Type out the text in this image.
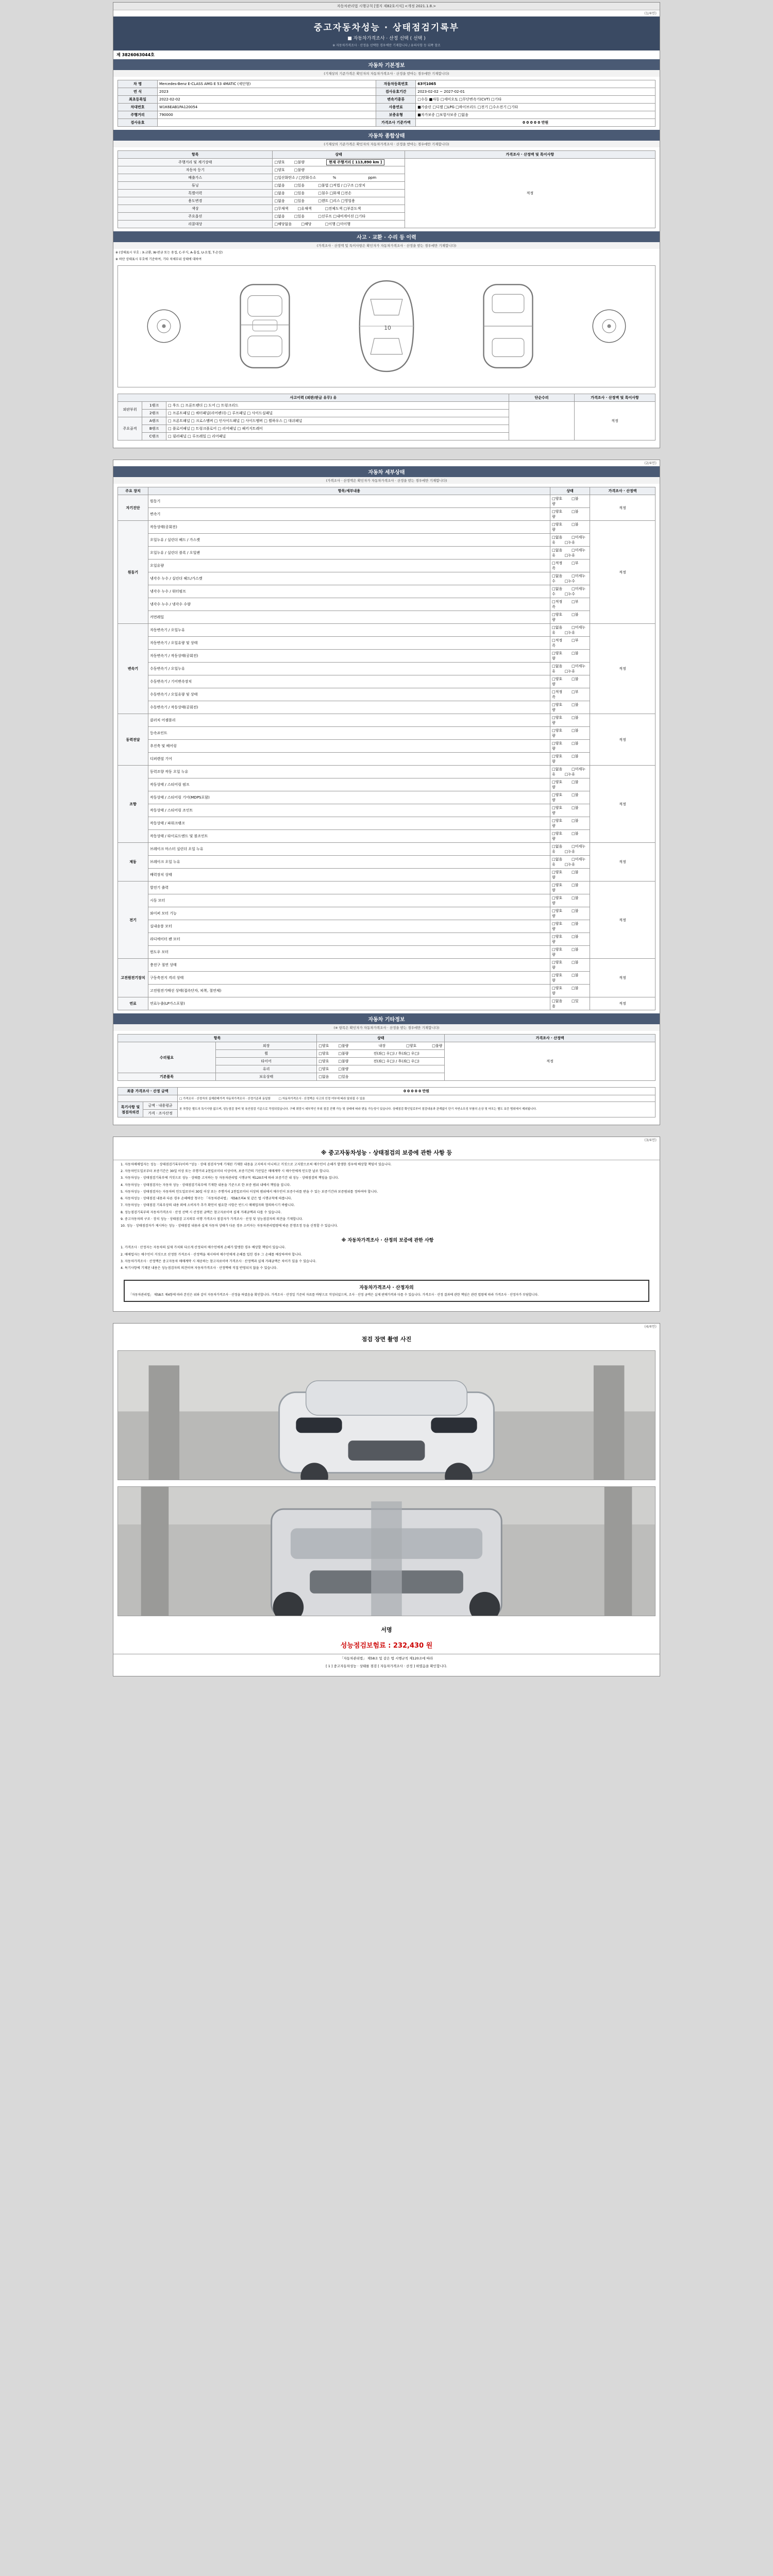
자동차관리법 시행규칙 [별지 제82호서식] <개정 2021.1.8.>
(1/4면)
중고자동차성능 · 상태점검기록부
■ 자동차가격조사 · 산정 선택 ( 선택 )
※ 자동차가격조사 · 산정을 선택한 경우에만 기재합니다 / 유의사항 등 뒤쪽 참조
제 3826063044호
자동차 기본정보
(기재상의 기준가격은 확인자의 자동차가격조사 · 산정을 받아는 경우에만 기재합니다)
차 명	Mercedes-Benz E-CLASS AMG E 53 4MATIC (세단형)	자동차등록번호	63머1065
연 식	2023	검사유효기간	2023-02-02 ~ 2027-02-01
최초등록일	2022-02-02	변속기종류	□수동 ■자동 □세미오토 □무단변속기(CVT) □기타
차대번호	W1K6EAB1PA120054	사용연료	■가솔린 □디젤 □LPG □하이브리드 □전기 □수소전기 □기타
주행거리	790000	보증유형	■자가보증 □보험사보증 □없음
검사유효		가격조사 기준가액	0 0 0 0 0 만원
자동차 종합상태
(기재상의 기준가격은 확인자의 자동차가격조사 · 산정을 받아는 경우에만 기재합니다)
항목	상태	가격조사 · 산정액 및 특이사항
주행거리 및 계기상태	□양호 □불량 현재 주행거리 [ 113,890 km ]	적정
자동차 등기	□양호 □불량	
배출가스	□일산화탄소 / □탄화수소 % ppm	
튜닝	□없음 □있음 □불법 □적법 / □구조 □장치	
특별이력	□없음 □있음 □침수 □화재 □전손	
용도변경	□없음 □있음 □렌트 □리스 □영업용	
색상	□무채색 □유채색 □전체도색 □부분도색	
주요옵션	□없음 □있음 □선루프 □내비게이션 □기타	
리콜대상	□해당없음 □해당 □이행 □미이행	
사고 · 교환 · 수리 등 이력
(가격조사 · 산정액 및 특이사항은 확인자가 자동차가격조사 · 산정을 받는 경우에만 기재합니다)
※ (상태표시 부호 : X-교환, W-판금 또는 용접, C-부식, A-흠집, U-요철, T-손상)
※ 하단 상태표시 부호에 기준하여, 기타 차체부위 상태에 대하여
10
사고이력 (외판/판금 유무) 유			단순수리	가격조사 · 산정액 및 특이사항
외판부위	1랭크	□ 후드 □ 프론트팬더 □ 도어 □ 트렁크리드		적정
	2랭크	□ 프론트패널 □ 쿼터패널(리어펜더) □ 루프패널 □ 사이드실패널		
주요골격	A랭크	□ 프론트패널 □ 크로스멤버 □ 인사이드패널 □ 사이드멤버 □ 휠하우스 □ 대쉬패널		
	B랭크	□ 플로어패널 □ 트렁크플로어 □ 리어패널 □ 패키지트레이		
	C랭크	□ 필러패널 □ 루프레일 □ 리어패널		
(2/4면)
자동차 세부상태
(가격조사 · 산정액은 확인자가 자동차가격조사 · 산정을 받는 경우에만 기재합니다)
주요 장치	항목/세부내용	상태	가격조사 · 산정액
자기진단	원동기	□양호 □불량	적정
	변속기	□양호 □불량	
원동기	작동상태(공회전)	□양호 □불량	적정
	오일누유 / 실린더 헤드 / 가스켓	□없음 □미세누유 □누유	
	오일누유 / 실린더 블록 / 오일팬	□없음 □미세누유 □누유	
	오일유량	□적정 □부족	
	냉각수 누수 / 실린더 헤드/가스켓	□없음 □미세누수 □누수	
	냉각수 누수 / 워터펌프	□없음 □미세누수 □누수	
	냉각수 누수 / 냉각수 수량	□적정 □부족	
	커먼레일	□양호 □불량	
변속기	자동변속기 / 오일누유	□없음 □미세누유 □누유	적정
	자동변속기 / 오일유량 및 상태	□적정 □부족	
	자동변속기 / 작동상태(공회전)	□양호 □불량	
	수동변속기 / 오일누유	□없음 □미세누유 □누유	
	수동변속기 / 기어변속장치	□양호 □불량	
	수동변속기 / 오일유량 및 상태	□적정 □부족	
	수동변속기 / 작동상태(공회전)	□양호 □불량	
동력전달	클러치 어셈블리	□양호 □불량	적정
	등속죠인트	□양호 □불량	
	추진축 및 베어링	□양호 □불량	
	디퍼렌셜 기어	□양호 □불량	
조향	동력조향 작동 오일 누유	□없음 □미세누유 □누유	적정
	작동상태 / 스티어링 펌프	□양호 □불량	
	작동상태 / 스티어링 기어(MDPS포함)	□양호 □불량	
	작동상태 / 스티어링 조인트	□양호 □불량	
	작동상태 / 파워크랭크	□양호 □불량	
	작동상태 / 타이로드엔드 및 볼조인트	□양호 □불량	
제동	브레이크 마스터 실린더 오일 누유	□없음 □미세누유 □누유	적정
	브레이크 오일 누유	□없음 □미세누유 □누유	
	배력장치 상태	□양호 □불량	
전기	발전기 출력	□양호 □불량	적정
	시동 모터	□양호 □불량	
	와이퍼 모터 기능	□양호 □불량	
	실내송풍 모터	□양호 □불량	
	라디에이터 팬 모터	□양호 □불량	
	윈도우 모터	□양호 □불량	
고전원전기장치	충전구 절연 상태	□양호 □불량	적정
	구동축전지 격리 상태	□양호 □불량	
	고전원전기배선 상태(접속단자, 피복, 절연체)	□양호 □불량	
연료	연료누출(LP가스포함)	□없음 □있음	적정
자동차 기타정보
(※ 항목은 확인자가 자동차가격조사 · 산정을 받는 경우에만 기재합니다)
항목		상태	가격조사 · 산정액
수리필요	외장	□양호 □불량 내장 □양호 □불량	적정
	휠	□양호 □불량 전(좌□ 우□) / 후(좌□ 우□)	
	타이어	□양호 □불량 전(좌□ 우□) / 후(좌□ 우□)	
	유리	□양호 □불량	
기본품목	보유상태	□없음 □있음	
최종 가격조사 · 산정 금액		0 0 0 0 0 만원
		□ 가격조사 · 산정자의 실제판매가격 자동차가격조사 · 산정기준과 동일함 □ 자동차가격조사 · 산정액은 사고의 인정 여부에 따라 달라질 수 있음
특기사항 및 점검자의견	금액 · 내용평균	본 차량은 별도의 특이사항 없으며, 성능점검 장비 및 육안점검 기준으로 작성되었습니다. 구매 희망시 세부적인 부위 점검 진행 가능 및 상태에 따라 변동 가능성이 있습니다. 상태점검 확인일로부터 점검내용과 관계없이 단기 자연소모성 부품의 손상 및 마모는 별도 보증 범위에서 제외됩니다.
	가격 · 조사산정	
(3/4면)
※ 중고자동차성능 · 상태점검의 보증에 관한 사항 등

1. 자동차매매업자는 성능 · 상태점검기록부(이하 "성능 · 상태 점검자")에 기재된 기재한 내용을 고지하지 아니하고 거짓으로 고지함으로써 매수인이 손해가 발생한 경우에 배상할 책임이 있습니다.

2. 자동차인도일로부터 보증기간은 30일 이상 또는 주행거리 2천킬로미터 이상이며, 보증기간의 기산일은 매매계약 시 매수인에게 인도한 날로 합니다.

3. 자동차성능 · 상태점검기록부에 거짓으로 성능 · 상태를 고지하는 등 자동차관리법 시행규칙 제120조에 따라 보증기간 내 성능 · 상태점검의 책임을 집니다.

4. 자동차성능 · 상태점검자는 자동차 성능 · 상태점검기록부에 기재한 내용을 기준으로 한 보증 범위 내에서 책임을 집니다.

5. 자동차성능 · 상태점검자는 자동차의 인도일로부터 30일 이상 또는 주행거리 2천킬로미터 이상의 범위에서 매수인이 보증수리를 받을 수 있는 보증기간과 보증범위를 정하여야 합니다.

6. 자동차성능 · 상태점검 내용과 다른 경우 손해배상 청구는 「자동차관리법」 제58조의4 및 같은 법 시행규칙에 따릅니다.

7. 자동차성능 · 상태점검 기록부상의 내용 외에 소비자가 추가 확인이 필요한 사항은 반드시 매매업자와 협의하시기 바랍니다.

8. 성능점검기록부의 자동차가격조사 · 산정 선택 시 산정된 금액은 참고자료이며 실제 거래금액과 다를 수 있습니다.

9. 중고자동차의 구조 · 장치 성능 · 상태점검 고지의무 이행 가격조사 점검자가 가격조사 · 산정 및 성능점검자의 의견을 기재합니다.

10. 성능 · 상태점검자가 제시하는 성능 · 상태점검 내용과 실제 자동차 상태가 다른 경우 소비자는 자동차관리법령에 따른 분쟁조정 등을 신청할 수 있습니다.

※ 자동차가격조사 · 산정의 보증에 관한 사항

1. 가격조사 · 산정자는 자동차의 실제 가치와 다르게 산정되어 매수인에게 손해가 발생한 경우 배상할 책임이 있습니다.

2. 매매업자는 매수인이 거짓으로 산정한 가격조사 · 산정액을 제시하여 매수인에게 손해를 입힌 경우 그 손해를 배상하여야 합니다.

3. 자동차가격조사 · 산정액은 중고자동차 매매계약 시 제공하는 참고자료이며 가격조사 · 산정액과 실제 거래금액은 차이가 있을 수 있습니다.

4. 특기사항에 기재된 내용은 성능점검자의 의견이며 자동차가격조사 · 산정액에 직접 반영되지 않을 수 있습니다.

자동차가격조사 · 산정자의
「자동차관리법」 제58조 제4항에 따라 본인은 위와 같이 자동차가격조사 · 산정을 하였음을 확인합니다. 가격조사 · 산정일 기준의 자료를 바탕으로 작성되었으며, 조사 · 산정 금액은 실제 판매가격과 다를 수 있습니다. 가격조사 · 산정 결과에 관한 책임은 관련 법령에 따라 가격조사 · 산정자가 부담합니다.
(4/4면)
점검 장면 촬영 사진
서명
성능점검보험료 : 232,430 원
「자동차관리법」 제58조 및 같은 법 시행규칙 제120조에 따라
[ 1 ] 중고자동차성능 · 상태를 점검 [ 자동차가격조사 · 산정 ] 하였음을 확인합니다.
